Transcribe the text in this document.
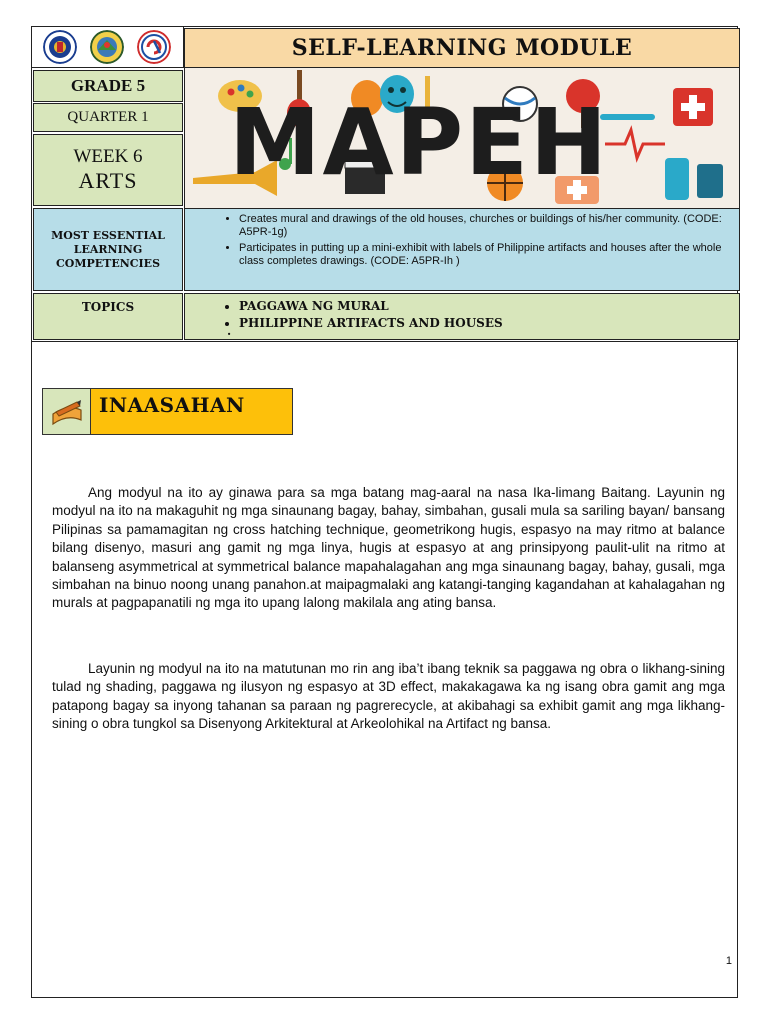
SELF-LEARNING MODULE
GRADE 5
QUARTER 1
WEEK 6
ARTS MAPEH
MOST ESSENTIAL LEARNING COMPETENCIES
• Creates mural and drawings of the old houses, churches or buildings of his/her community. (CODE: A5PR-1g)
• Participates in putting up a mini-exhibit with labels of Philippine artifacts and houses after the whole class completes drawings. (CODE: A5PR-Ih )
TOPICS
•	PAGGAWA NG MURAL
• PHILIPPINE ARTIFACTS AND HOUSES
·
INAASAHAN

Ang modyul na ito ay ginawa para sa mga batang mag-aaral na nasa Ika-limang Baitang. Layunin ng modyul na ito na makaguhit ng mga sinaunang bagay, bahay, simbahan, gusali mula sa sariling bayan/ bansang Pilipinas sa pamamagitan ng cross hatching technique, geometrikong hugis, espasyo na may ritmo at balance bilang disenyo, masuri ang gamit ng mga linya, hugis at espasyo at ang prinsipyong paulit-ulit na ritmo at balanseng asymmetrical at symmetrical balance mapahalagahan ang mga sinaunang bagay, bahay, gusali, mga simbahan na binuo noong unang panahon.at maipagmalaki ang katangi-tanging kagandahan at kahalagahan ng murals at pagpapanatili ng mga ito upang lalong makilala ang ating bansa.

Layunin ng modyul na ito na matutunan mo rin ang iba’t ibang teknik sa paggawa ng obra o likhang-sining tulad ng shading, paggawa ng ilusyon ng espasyo at 3D effect, makakagawa ka ng isang obra gamit ang mga patapong bagay sa inyong tahanan sa paraan ng pagrerecycle, at akibahagi sa exhibit gamit ang mga likhang-sining o obra tungkol sa Disenyong Arkitektural at Arkeolohikal na Artifact ng bansa.

1
